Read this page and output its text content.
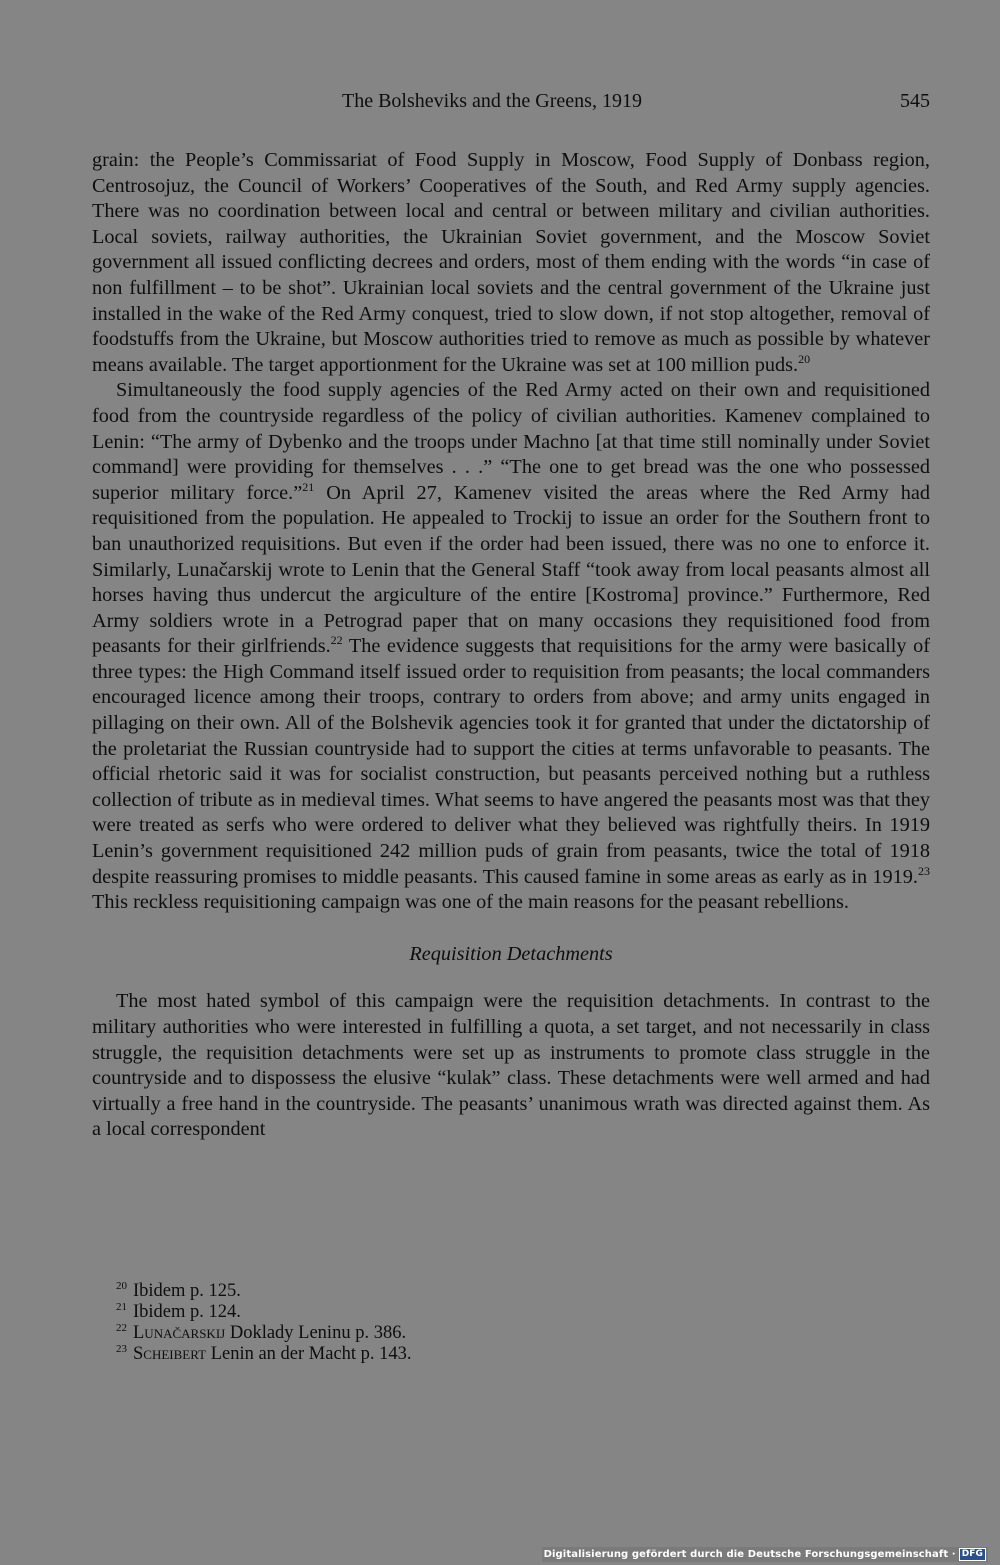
The Bolsheviks and the Greens, 1919	545

grain: the People’s Commissariat of Food Supply in Moscow, Food Supply of Donbass region, Centrosojuz, the Council of Workers’ Cooperatives of the South, and Red Army supply agencies. There was no coordination between local and central or between military and civilian authorities. Local soviets, railway authorities, the Ukrainian Soviet government, and the Moscow Soviet government all issued conflicting decrees and orders, most of them ending with the words “in case of non fulfillment – to be shot”. Ukrainian local soviets and the central government of the Ukraine just installed in the wake of the Red Army conquest, tried to slow down, if not stop altogether, removal of foodstuffs from the Ukraine, but Moscow authorities tried to remove as much as possible by whatever means available. The target apportionment for the Ukraine was set at 100 million puds.$^{20}$

Simultaneously the food supply agencies of the Red Army acted on their own and requisitioned food from the countryside regardless of the policy of civilian authorities. Kamenev complained to Lenin: “The army of Dybenko and the troops under Machno [at that time still nominally under Soviet command] were providing for themselves . . .” “The one to get bread was the one who possessed superior military force.”$^{21}$ On April 27, Kamenev visited the areas where the Red Army had requisitioned from the population. He appealed to Trockij to issue an order for the Southern front to ban unauthorized requisitions. But even if the order had been issued, there was no one to enforce it. Similarly, Lunačarskij wrote to Lenin that the General Staff “took away from local peasants almost all horses having thus undercut the argiculture of the entire [Kostroma] province.” Furthermore, Red Army soldiers wrote in a Petrograd paper that on many occasions they requisitioned food from peasants for their girlfriends.$^{22}$ The evidence suggests that requisitions for the army were basically of three types: the High Command itself issued order to requisition from peasants; the local commanders encouraged licence among their troops, contrary to orders from above; and army units engaged in pillaging on their own. All of the Bolshevik agencies took it for granted that under the dictatorship of the proletariat the Russian countryside had to support the cities at terms unfavorable to peasants. The official rhetoric said it was for socialist construction, but peasants perceived nothing but a ruthless collection of tribute as in medieval times. What seems to have angered the peasants most was that they were treated as serfs who were ordered to deliver what they believed was rightfully theirs. In 1919 Lenin’s government requisitioned 242 million puds of grain from peasants, twice the total of 1918 despite reassuring promises to middle peasants. This caused famine in some areas as early as in 1919.23 This reckless requisitioning campaign was one of the main reasons for the peasant rebellions.

Requisition Detachments

The most hated symbol of this campaign were the requisition detachments. In contrast to the military authorities who were interested in fulfilling a quota, a set target, and not necessarily in class struggle, the requisition detachments were set up as instruments to promote class struggle in the countryside and to dispossess the elusive “kulak” class. These detachments were well armed and had virtually a free hand in the countryside. The peasants’ unanimous wrath was directed against them. As a local correspondent

$^{20}$ Ibidem p. 125.
$^{21}$ Ibidem p. 124.
$^{22}$ Lunačarskij Doklady Leninu p. 386.
$^{23}$ Scheibert Lenin an der Macht p. 143.
Digitalisierung gefördert durch die Deutsche Forschungsgemeinschaft · DFG
